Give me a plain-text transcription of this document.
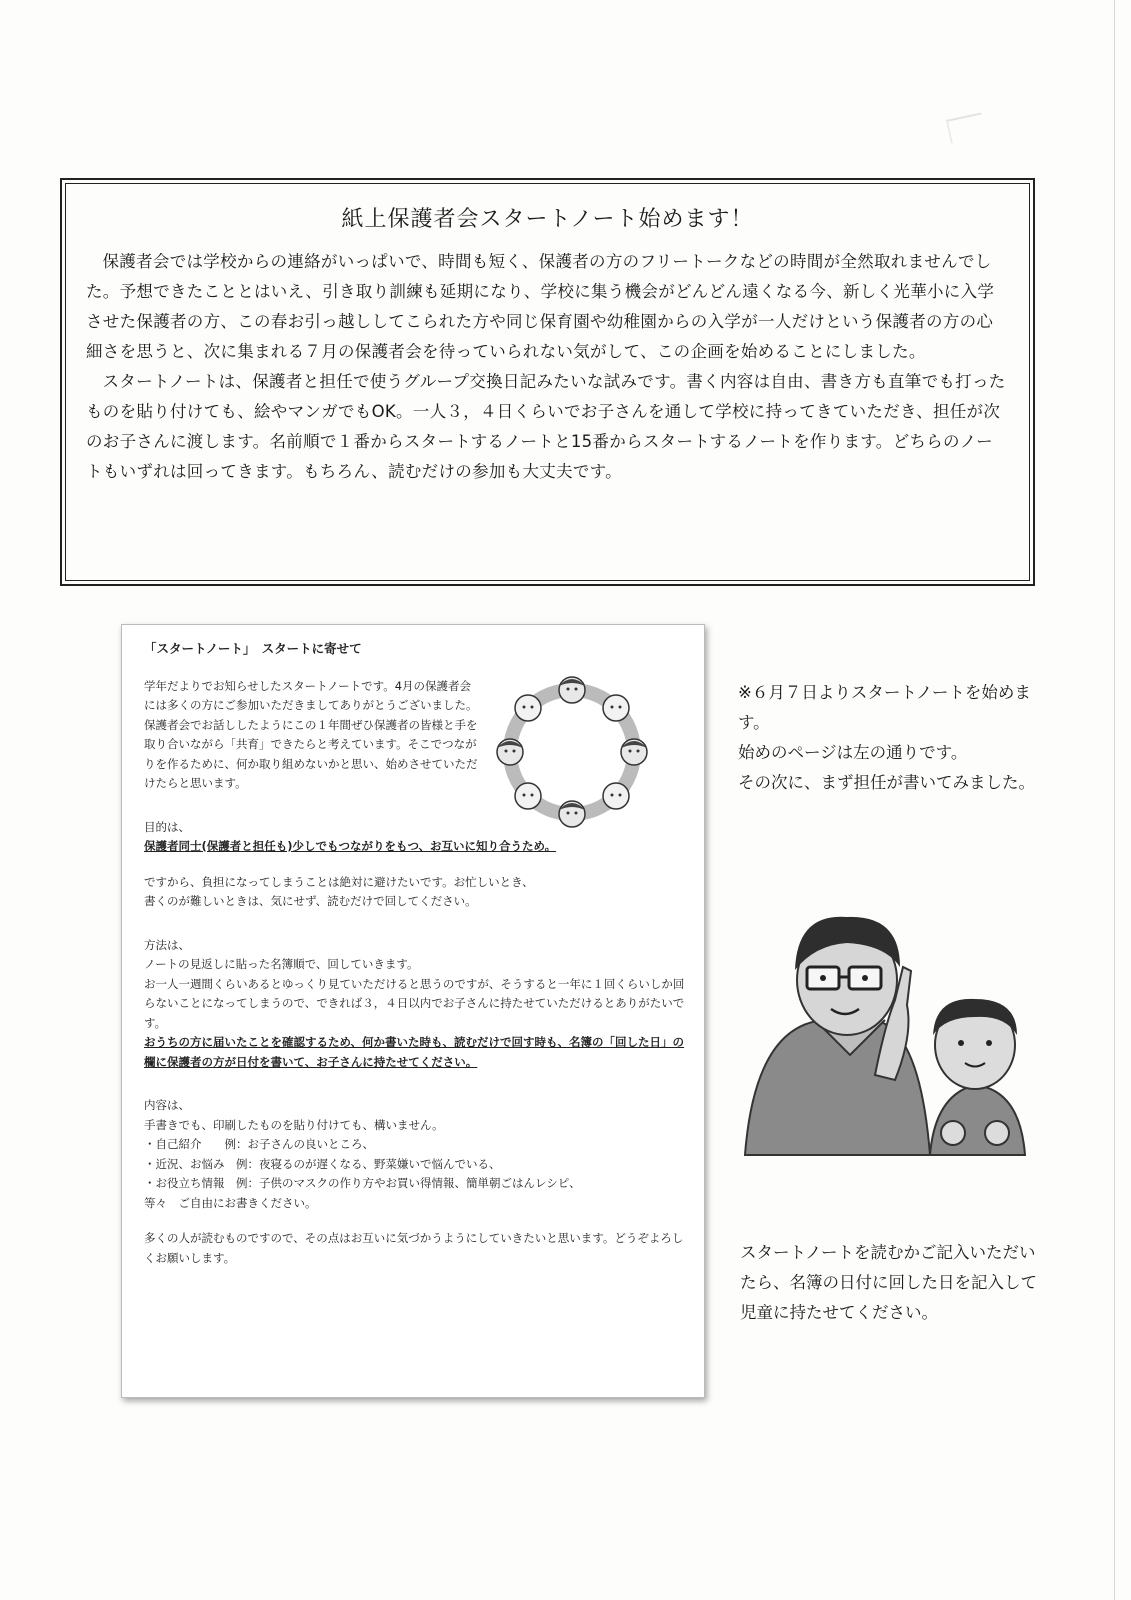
紙上保護者会スタートノート始めます！

保護者会では学校からの連絡がいっぱいで、時間も短く、保護者の方のフリートークなどの時間が全然取れませんでした。予想できたこととはいえ、引き取り訓練も延期になり、学校に集う機会がどんどん遠くなる今、新しく光華小に入学させた保護者の方、この春お引っ越ししてこられた方や同じ保育園や幼稚園からの入学が一人だけという保護者の方の心細さを思うと、次に集まれる７月の保護者会を待っていられない気がして、この企画を始めることにしました。

スタートノートは、保護者と担任で使うグループ交換日記みたいな試みです。書く内容は自由、書き方も直筆でも打ったものを貼り付けても、絵やマンガでもOK。一人３，４日くらいでお子さんを通して学校に持ってきていただき、担任が次のお子さんに渡します。名前順で１番からスタートするノートと15番からスタートするノートを作ります。どちらのノートもいずれは回ってきます。もちろん、読むだけの参加も大丈夫です。

「スタートノート」　スタートに寄せて

学年だよりでお知らせしたスタートノートです。4月の保護者会には多くの方にご参加いただきましてありがとうございました。保護者会でお話ししたようにこの１年間ぜひ保護者の皆様と手を取り合いながら「共育」できたらと考えています。そこでつながりを作るために、何か取り組めないかと思い、始めさせていただけたらと思います。

目的は、

保護者同士(保護者と担任も)少しでもつながりをもつ、お互いに知り合うため。

ですから、負担になってしまうことは絶対に避けたいです。お忙しいとき、

書くのが難しいときは、気にせず、読むだけで回してください。

方法は、

ノートの見返しに貼った名簿順で、回していきます。

お一人一週間くらいあるとゆっくり見ていただけると思うのですが、そうすると一年に１回くらいしか回らないことになってしまうので、できれば３，４日以内でお子さんに持たせていただけるとありがたいです。

おうちの方に届いたことを確認するため、何か書いた時も、読むだけで回す時も、名簿の「回した日」の欄に保護者の方が日付を書いて、お子さんに持たせてください。

内容は、

手書きでも、印刷したものを貼り付けても、構いません。

・自己紹介　　例：お子さんの良いところ、

・近況、お悩み　例：夜寝るのが遅くなる、野菜嫌いで悩んでいる、

・お役立ち情報　例：子供のマスクの作り方やお買い得情報、簡単朝ごはんレシピ、

等々　ご自由にお書きください。

多くの人が読むものですので、その点はお互いに気づかうようにしていきたいと思います。どうぞよろしくお願いします。

※６月７日よりスタートノートを始めます。

始めのページは左の通りです。

その次に、まず担任が書いてみました。

スタートノートを読むかご記入いただいたら、名簿の日付に回した日を記入して児童に持たせてください。
